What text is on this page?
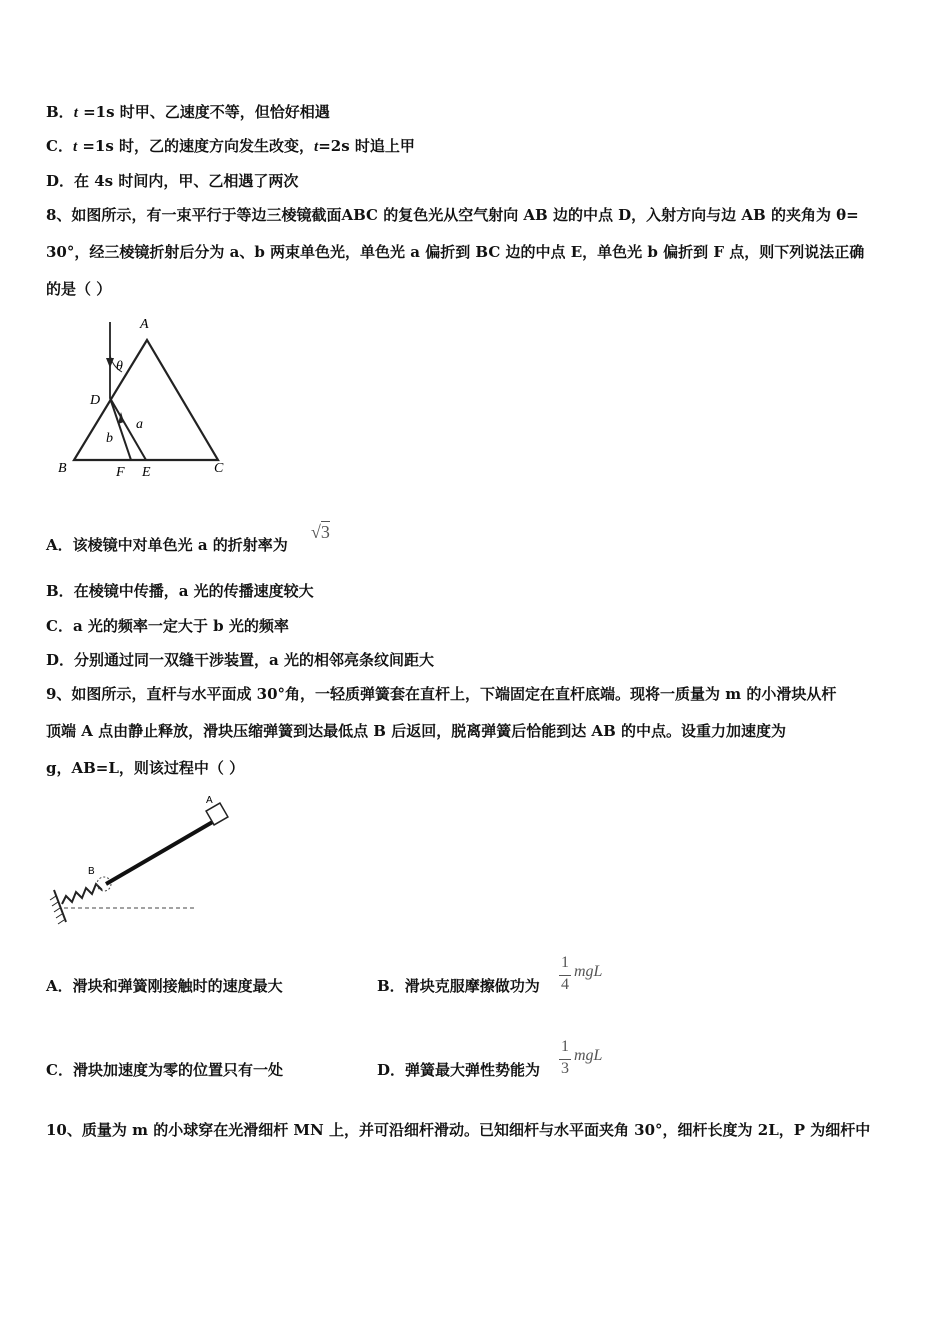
B．t =1s 时甲、乙速度不等，但恰好相遇
C．t =1s 时，乙的速度方向发生改变，t=2s 时追上甲
D．在 4s 时间内，甲、乙相遇了两次
8、如图所示，有一束平行于等边三棱镜截面ABC 的复色光从空气射向 AB 边的中点 D，入射方向与边 AB 的夹角为 θ=
30°，经三棱镜折射后分为 a、b 两束单色光，单色光 a 偏折到 BC 边的中点 E，单色光 b 偏折到 F 点，则下列说法正确
的是（ ）
A
θ
D
a
b
B	F E	C
A．该棱镜中对单色光 a 的折射率为
√3
B．在棱镜中传播，a 光的传播速度较大
C．a 光的频率一定大于 b 光的频率
D．分别通过同一双缝干涉装置，a 光的相邻亮条纹间距大
9、如图所示，直杆与水平面成 30°角，一轻质弹簧套在直杆上，下端固定在直杆底端。现将一质量为 m 的小滑块从杆
顶端 A 点由静止释放，滑块压缩弹簧到达最低点 B 后返回，脱离弹簧后恰能到达 AB 的中点。设重力加速度为
g，AB=L，则该过程中（ ）
A
B
A．滑块和弹簧刚接触时的速度最大	B．滑块克服摩擦做功为
1
4
mgL
C．滑块加速度为零的位置只有一处	D．弹簧最大弹性势能为
1
3
mgL
10、质量为 m 的小球穿在光滑细杆 MN 上，并可沿细杆滑动。已知细杆与水平面夹角 30°，细杆长度为 2L，P 为细杆中
